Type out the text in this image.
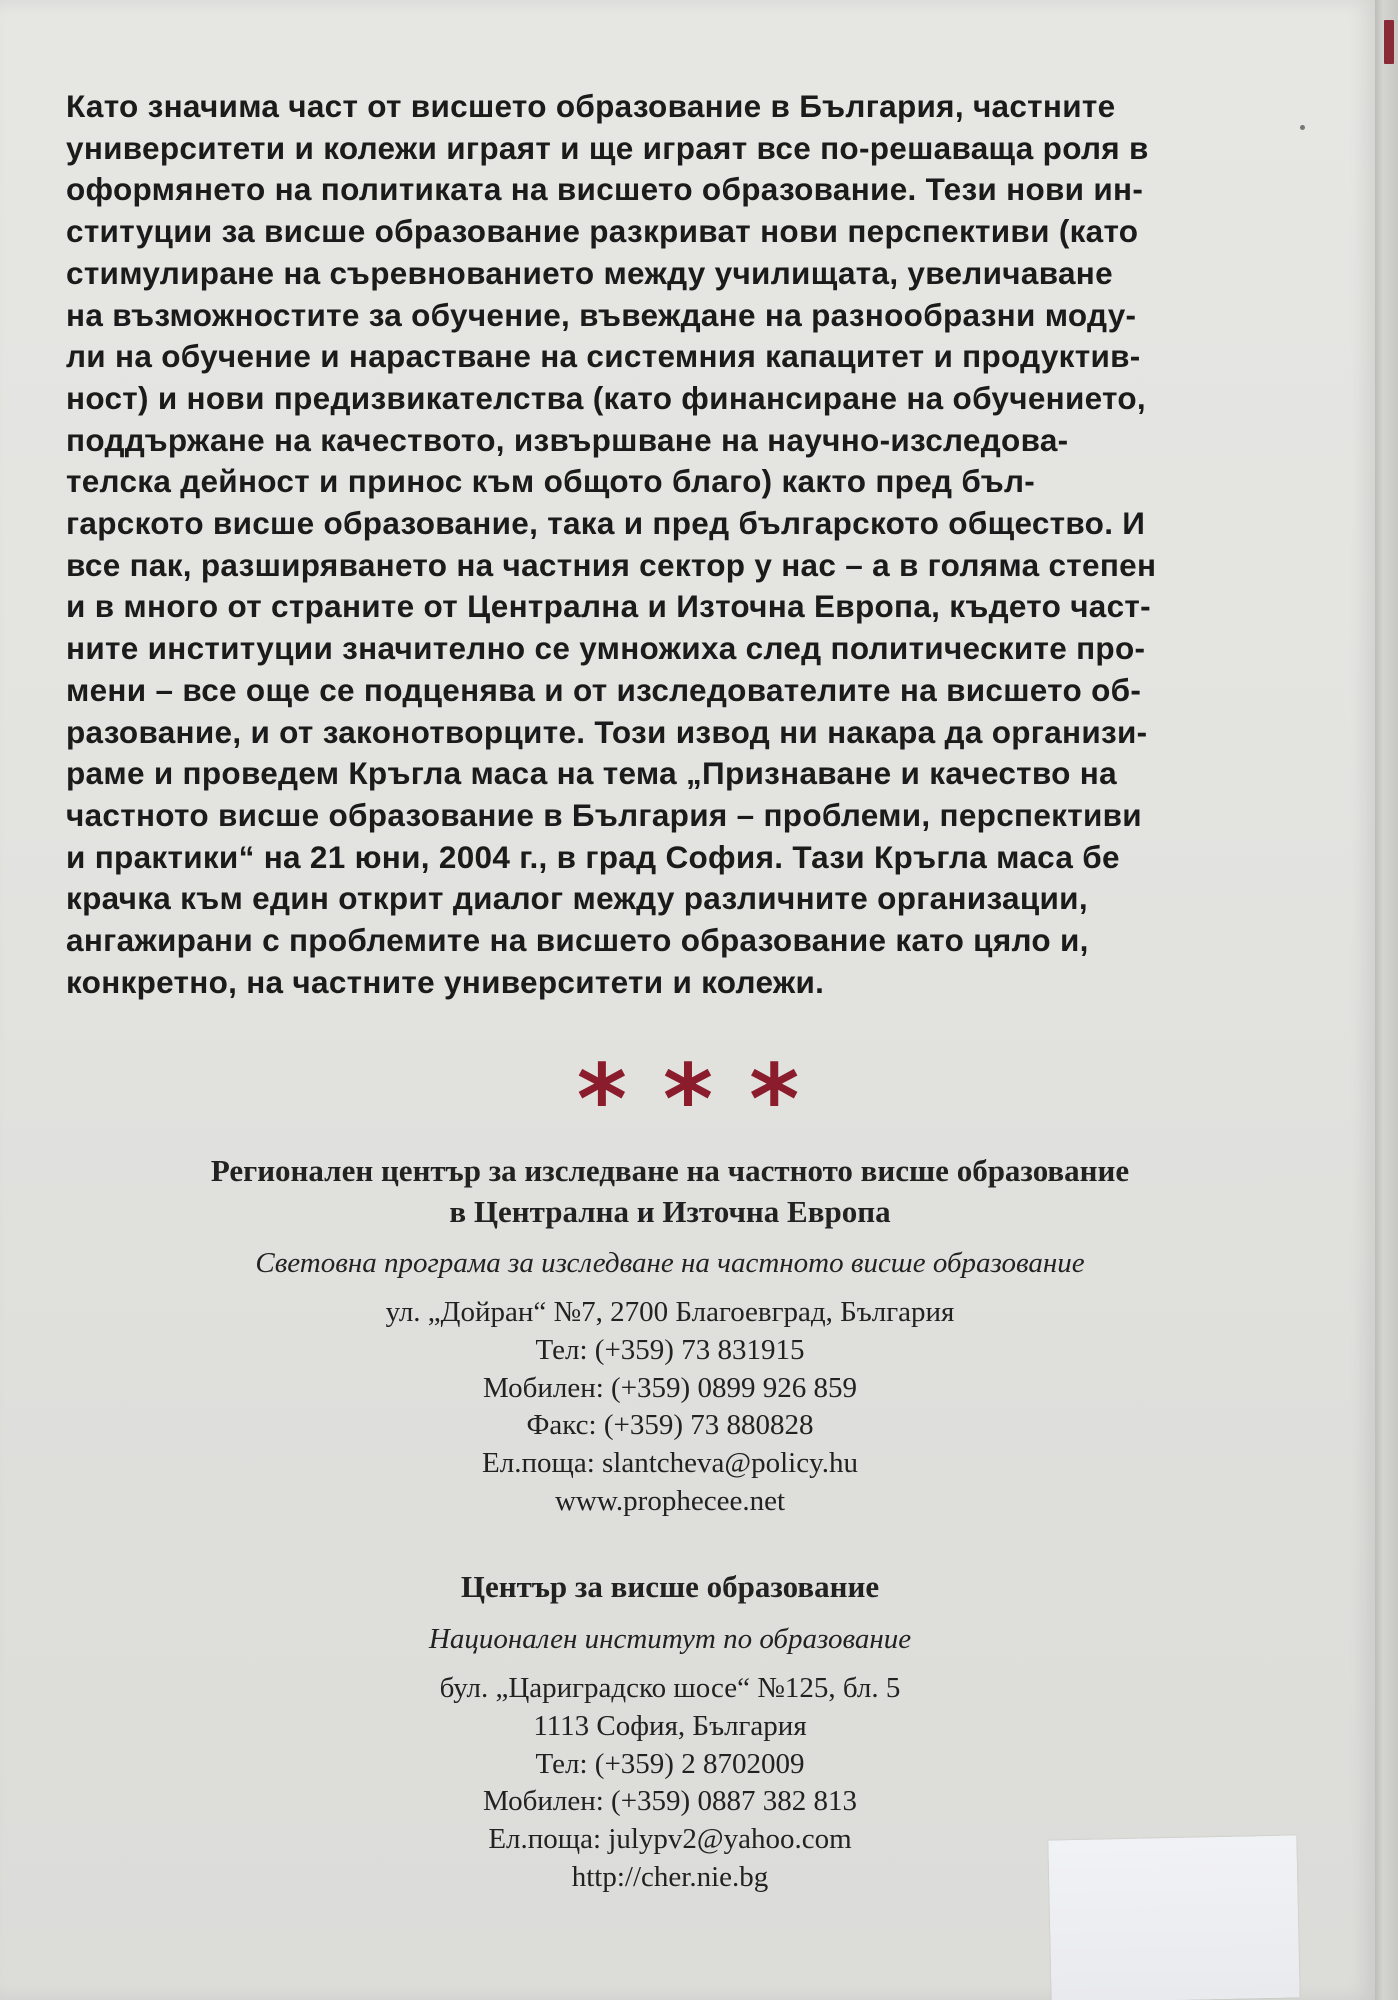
Като значима част от висшето образование в България, частните
университети и колежи играят и ще играят все по-решаваща роля в
оформянето на политиката на висшето образование. Тези нови ин-
ституции за висше образование разкриват нови перспективи (като
стимулиране на съревнованието между училищата, увеличаване
на възможностите за обучение, въвеждане на разнообразни моду-
ли на обучение и нарастване на системния капацитет и продуктив-
ност) и нови предизвикателства (като финансиране на обучението,
поддържане на качеството, извършване на научно-изследова-
телска дейност и принос към общото благо) както пред бъл-
гарското висше образование, така и пред българското общество. И
все пак, разширяването на частния сектор у нас – а в голяма степен
и в много от страните от Централна и Източна Европа, където част-
ните институции значително се умножиха след политическите про-
мени – все още се подценява и от изследователите на висшето об-
разование, и от законотворците. Този извод ни накара да организи-
раме и проведем Кръгла маса на тема „Признаване и качество на
частното висше образование в България – проблеми, перспективи
и практики“ на 21 юни, 2004 г., в град София. Тази Кръгла маса бе
крачка към един открит диалог между различните организации,
ангажирани с проблемите на висшето образование като цяло и,
конкретно, на частните университети и колежи.

***
Регионален център за изследване на частното висше образование
в Централна и Източна Европа
Световна програма за изследване на частното висше образование
ул. „Дойран“ №7, 2700 Благоевград, България
Тел: (+359) 73 831915
Мобилен: (+359) 0899 926 859
Факс: (+359) 73 880828
Ел.поща: slantcheva@policy.hu
www.prophecee.net
Център за висше образование
Национален институт по образование
бул. „Цариградско шосе“ №125, бл. 5
1113 София, България
Тел: (+359) 2 8702009
Мобилен: (+359) 0887 382 813
Ел.поща: julypv2@yahoo.com
http://cher.nie.bg
